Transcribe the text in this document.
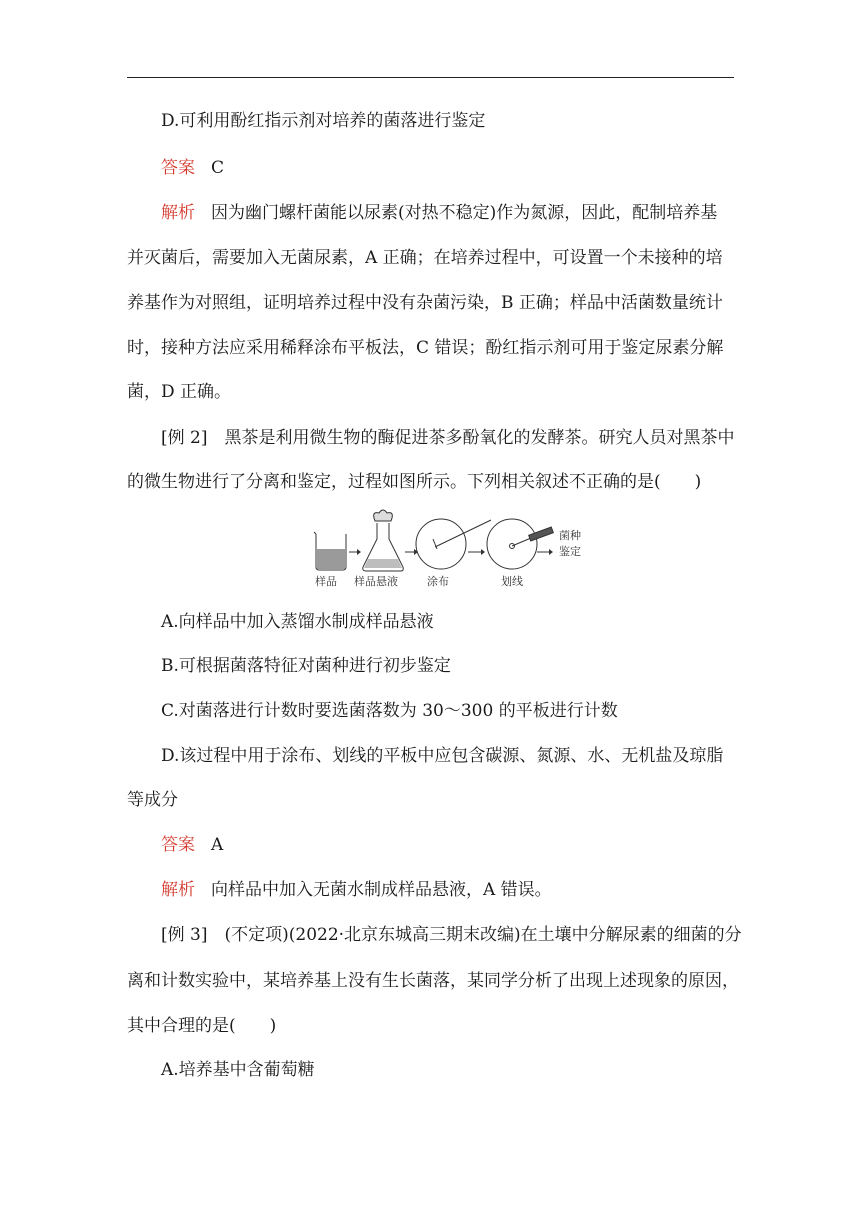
D.可利用酚红指示剂对培养的菌落进行鉴定
答案 C
解析 因为幽门螺杆菌能以尿素(对热不稳定)作为氮源，因此，配制培养基
并灭菌后，需要加入无菌尿素，A 正确；在培养过程中，可设置一个未接种的培
养基作为对照组，证明培养过程中没有杂菌污染，B 正确；样品中活菌数量统计
时，接种方法应采用稀释涂布平板法，C 错误；酚红指示剂可用于鉴定尿素分解
菌，D 正确。
[例 2]　黑茶是利用微生物的酶促进茶多酚氧化的发酵茶。研究人员对黑茶中
的微生物进行了分离和鉴定，过程如图所示。下列相关叙述不正确的是(　　)
菌种
鉴定
样品 样品悬液	涂布	划线
A.向样品中加入蒸馏水制成样品悬液
B.可根据菌落特征对菌种进行初步鉴定
C.对菌落进行计数时要选菌落数为 30～300 的平板进行计数
D.该过程中用于涂布、划线的平板中应包含碳源、氮源、水、无机盐及琼脂
等成分
答案 A
解析 向样品中加入无菌水制成样品悬液，A 错误。
[例 3]　(不定项)(2022·北京东城高三期末改编)在土壤中分解尿素的细菌的分
离和计数实验中，某培养基上没有生长菌落，某同学分析了出现上述现象的原因，
其中合理的是(　　)
A.培养基中含葡萄糖
